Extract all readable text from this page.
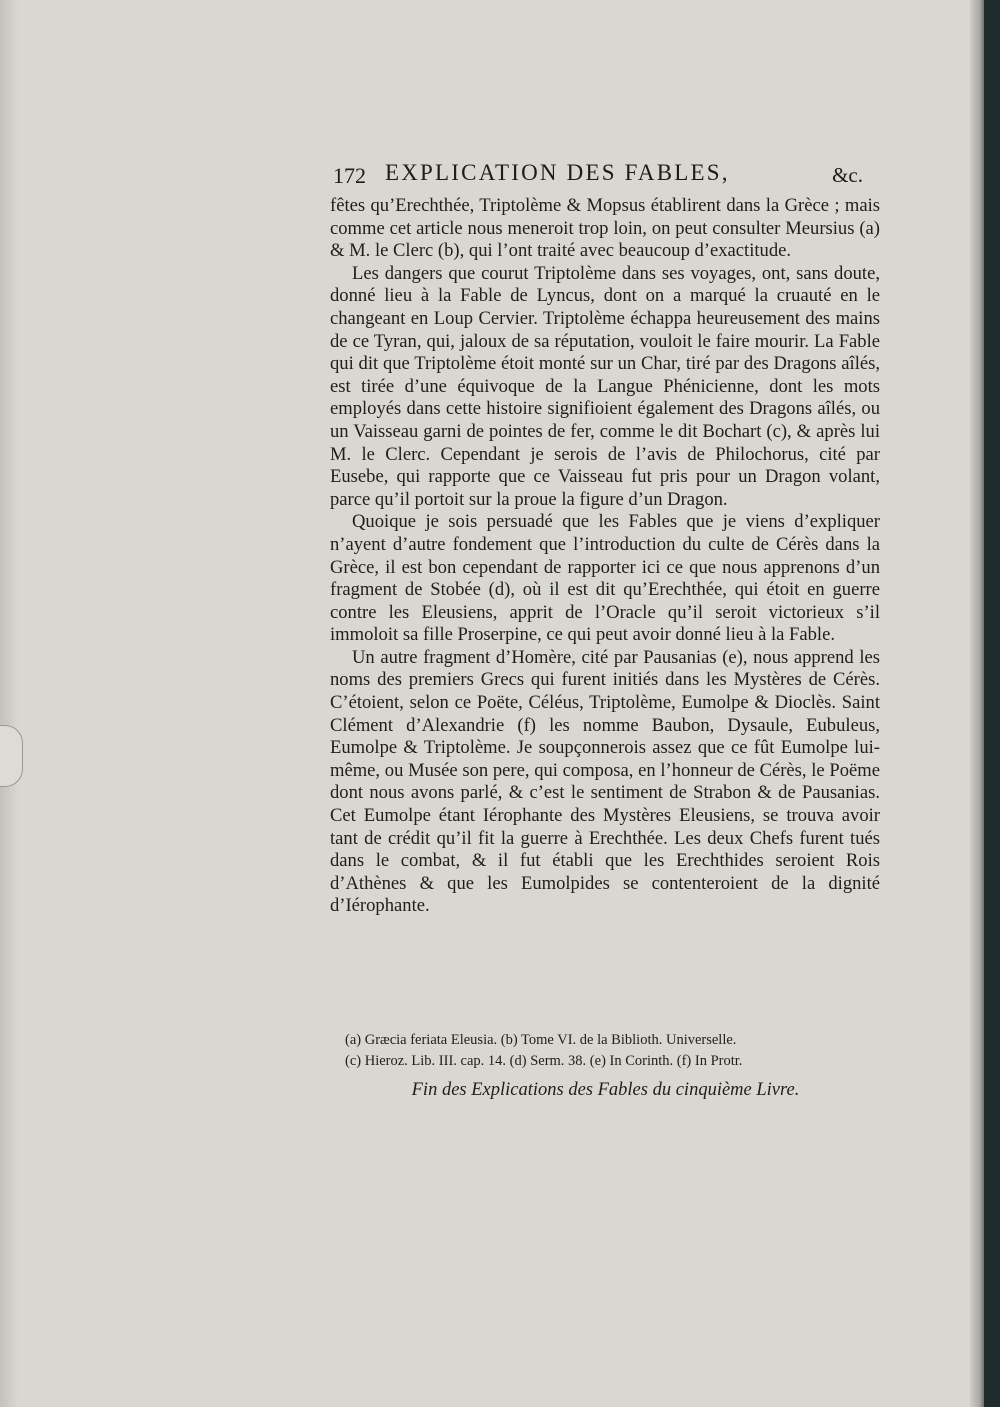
172 EXPLICATION DES FABLES,	&c.

fêtes qu’Erechthée, Triptolème & Mopsus établirent dans la Grèce ; mais comme cet article nous meneroit trop loin, on peut consulter Meursius (a) & M. le Clerc (b), qui l’ont traité avec beaucoup d’exactitude.

Les dangers que courut Triptolème dans ses voyages, ont, sans doute, donné lieu à la Fable de Lyncus, dont on a marqué la cruauté en le changeant en Loup Cervier. Triptolème échappa heureusement des mains de ce Tyran, qui, jaloux de sa réputation, vouloit le faire mourir. La Fable qui dit que Triptolème étoit monté sur un Char, tiré par des Dragons aîlés, est tirée d’une équivoque de la Langue Phénicienne, dont les mots employés dans cette histoire signifioient également des Dragons aîlés, ou un Vaisseau garni de pointes de fer, comme le dit Bochart (c), & après lui M. le Clerc. Cependant je serois de l’avis de Philochorus, cité par Eusebe, qui rapporte que ce Vaisseau fut pris pour un Dragon volant, parce qu’il portoit sur la proue la figure d’un Dragon.

Quoique je sois persuadé que les Fables que je viens d’expliquer n’ayent d’autre fondement que l’introduction du culte de Cérès dans la Grèce, il est bon cependant de rapporter ici ce que nous apprenons d’un fragment de Stobée (d), où il est dit qu’Erechthée, qui étoit en guerre contre les Eleusiens, apprit de l’Oracle qu’il seroit victorieux s’il immoloit sa fille Proserpine, ce qui peut avoir donné lieu à la Fable.

Un autre fragment d’Homère, cité par Pausanias (e), nous apprend les noms des premiers Grecs qui furent initiés dans les Mystères de Cérès. C’étoient, selon ce Poëte, Céléus, Triptolème, Eumolpe & Dioclès. Saint Clément d’Alexandrie (f) les nomme Baubon, Dysaule, Eubuleus, Eumolpe & Triptolème. Je soupçonnerois assez que ce fût Eumolpe lui-même, ou Musée son pere, qui composa, en l’honneur de Cérès, le Poëme dont nous avons parlé, & c’est le sentiment de Strabon & de Pausanias. Cet Eumolpe étant Iérophante des Mystères Eleusiens, se trouva avoir tant de crédit qu’il fit la guerre à Erechthée. Les deux Chefs furent tués dans le combat, & il fut établi que les Erechthides seroient Rois d’Athènes & que les Eumolpides se contenteroient de la dignité d’Iérophante.

(a) Græcia feriata Eleusia. (b) Tome VI. de la Biblioth. Universelle.

(c) Hieroz. Lib. III. cap. 14. (d) Serm. 38. (e) In Corinth. (f) In Protr.

Fin des Explications des Fables du cinquième Livre.
